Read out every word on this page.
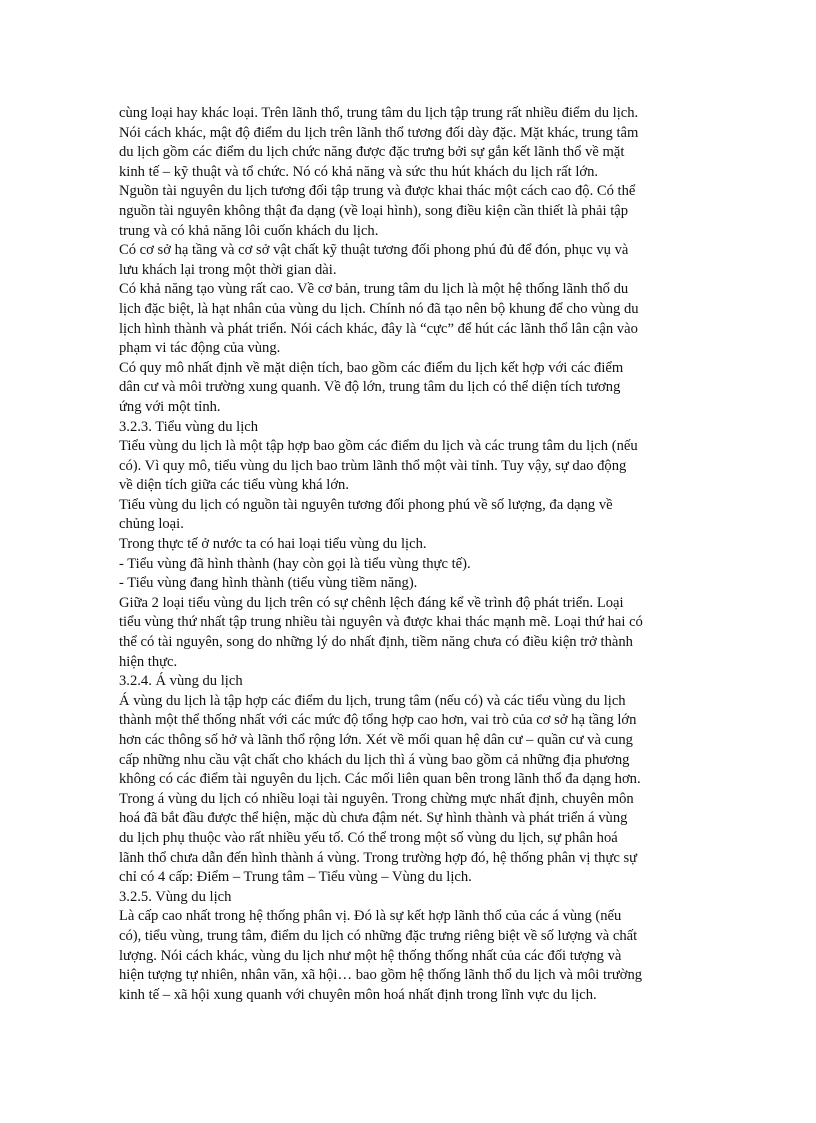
cùng loại hay khác loại. Trên lãnh thổ, trung tâm du lịch tập trung rất nhiều điểm du lịch.
Nói cách khác, mật độ điểm du lịch trên lãnh thổ tương đối dày đặc. Mặt khác, trung tâm
du lịch gồm các điểm du lịch chức năng được đặc trưng bởi sự gắn kết lãnh thổ về mặt
kinh tế – kỹ thuật và tổ chức. Nó có khả năng và sức thu hút khách du lịch rất lớn.
Nguồn tài nguyên du lịch tương đối tập trung và được khai thác một cách cao độ. Có thể
nguồn tài nguyên không thật đa dạng (về loại hình), song điều kiện cần thiết là phải tập
trung và có khả năng lôi cuốn khách du lịch.
Có cơ sở hạ tầng và cơ sở vật chất kỹ thuật tương đối phong phú đủ để đón, phục vụ và
lưu khách lại trong một thời gian dài.
Có khả năng tạo vùng rất cao. Về cơ bản, trung tâm du lịch là một hệ thống lãnh thổ du
lịch đặc biệt, là hạt nhân của vùng du lịch. Chính nó đã tạo nên bộ khung để cho vùng du
lịch hình thành và phát triển. Nói cách khác, đây là “cực” để hút các lãnh thổ lân cận vào
phạm vi tác động của vùng.
Có quy mô nhất định về mặt diện tích, bao gồm các điểm du lịch kết hợp với các điểm
dân cư và môi trường xung quanh. Về độ lớn, trung tâm du lịch có thể diện tích tương
ứng với một tỉnh.
3.2.3. Tiểu vùng du lịch
Tiểu vùng du lịch là một tập hợp bao gồm các điểm du lịch và các trung tâm du lịch (nếu
có). Vì quy mô, tiểu vùng du lịch bao trùm lãnh thổ một vài tỉnh. Tuy vậy, sự dao động
về diện tích giữa các tiểu vùng khá lớn.
Tiểu vùng du lịch có nguồn tài nguyên tương đối phong phú về số lượng, đa dạng về
chủng loại.
Trong thực tế ở nước ta có hai loại tiểu vùng du lịch.
- Tiểu vùng đã hình thành (hay còn gọi là tiểu vùng thực tế).
- Tiểu vùng đang hình thành (tiểu vùng tiềm năng).
Giữa 2 loại tiểu vùng du lịch trên có sự chênh lệch đáng kể về trình độ phát triển. Loại
tiểu vùng thứ nhất tập trung nhiều tài nguyên và được khai thác mạnh mẽ. Loại thứ hai có
thể có tài nguyên, song do những lý do nhất định, tiềm năng chưa có điều kiện trở thành
hiện thực.
3.2.4. Á vùng du lịch
Á vùng du lịch là tập hợp các điểm du lịch, trung tâm (nếu có) và các tiểu vùng du lịch
thành một thể thống nhất với các mức độ tổng hợp cao hơn, vai trò của cơ sở hạ tầng lớn
hơn các thông số hở và lãnh thổ rộng lớn. Xét về mối quan hệ dân cư – quần cư và cung
cấp những nhu cầu vật chất cho khách du lịch thì á vùng bao gồm cả những địa phương
không có các điểm tài nguyên du lịch. Các mối liên quan bên trong lãnh thổ đa dạng hơn.
Trong á vùng du lịch có nhiều loại tài nguyên. Trong chừng mực nhất định, chuyên môn
hoá đã bắt đầu được thể hiện, mặc dù chưa đậm nét. Sự hình thành và phát triển á vùng
du lịch phụ thuộc vào rất nhiều yếu tố. Có thể trong một số vùng du lịch, sự phân hoá
lãnh thổ chưa dẫn đến hình thành á vùng. Trong trường hợp đó, hệ thống phân vị thực sự
chỉ có 4 cấp: Điểm – Trung tâm – Tiểu vùng – Vùng du lịch.
3.2.5. Vùng du lịch
Là cấp cao nhất trong hệ thống phân vị. Đó là sự kết hợp lãnh thổ của các á vùng (nếu
có), tiểu vùng, trung tâm, điểm du lịch có những đặc trưng riêng biệt về số lượng và chất
lượng. Nói cách khác, vùng du lịch như một hệ thống thống nhất của các đối tượng và
hiện tượng tự nhiên, nhân văn, xã hội… bao gồm hệ thống lãnh thổ du lịch và môi trường
kinh tế – xã hội xung quanh với chuyên môn hoá nhất định trong lĩnh vực du lịch.
